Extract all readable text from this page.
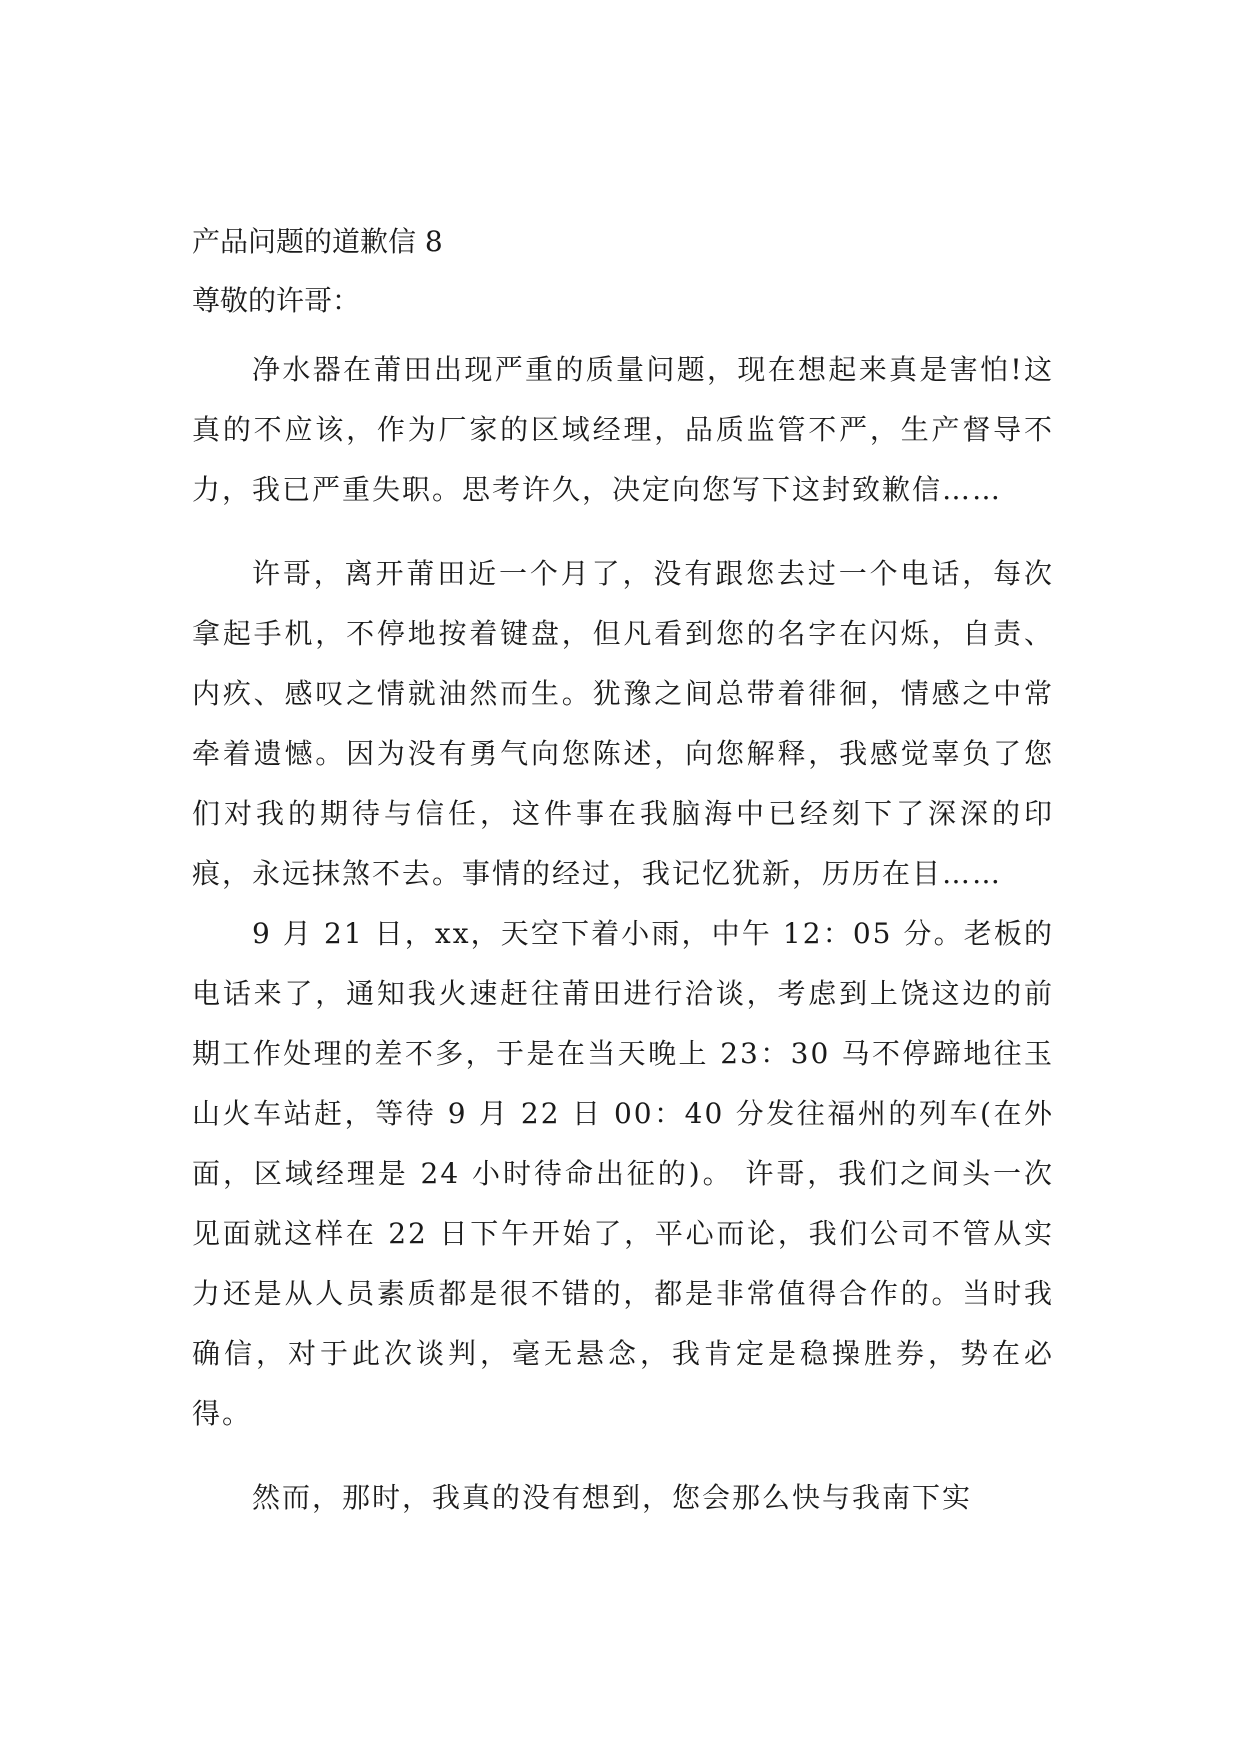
产品问题的道歉信 8

尊敬的许哥：

净水器在莆田出现严重的质量问题，现在想起来真是害怕!这真的不应该，作为厂家的区域经理，品质监管不严，生产督导不力，我已严重失职。思考许久，决定向您写下这封致歉信……

许哥，离开莆田近一个月了，没有跟您去过一个电话，每次拿起手机，不停地按着键盘，但凡看到您的名字在闪烁，自责、内疚、感叹之情就油然而生。犹豫之间总带着徘徊，情感之中常牵着遗憾。因为没有勇气向您陈述，向您解释，我感觉辜负了您们对我的期待与信任，这件事在我脑海中已经刻下了深深的印痕，永远抹煞不去。事情的经过，我记忆犹新，历历在目……

9 月 21 日，xx，天空下着小雨，中午 12：05 分。老板的电话来了，通知我火速赶往莆田进行洽谈，考虑到上饶这边的前期工作处理的差不多，于是在当天晚上 23：30 马不停蹄地往玉山火车站赶，等待 9 月 22 日 00：40 分发往福州的列车(在外面，区域经理是 24 小时待命出征的)。 许哥，我们之间头一次见面就这样在 22 日下午开始了，平心而论，我们公司不管从实力还是从人员素质都是很不错的，都是非常值得合作的。当时我确信，对于此次谈判，毫无悬念，我肯定是稳操胜券，势在必得。

然而，那时，我真的没有想到，您会那么快与我南下实
